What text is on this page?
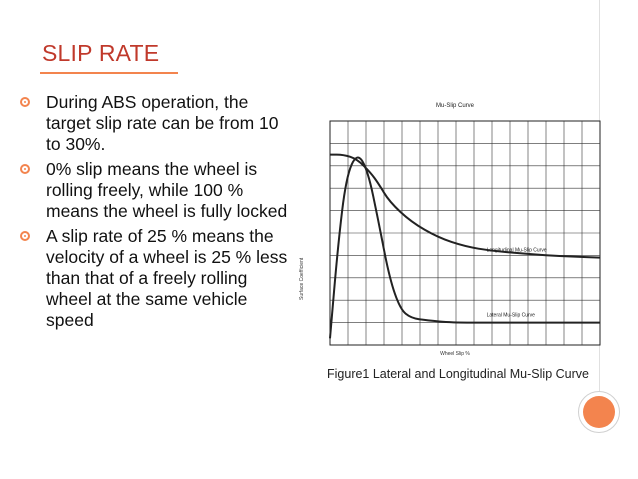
SLIP RATE
During ABS operation, the target slip rate can be from 10 to 30%.
0% slip means the wheel is rolling freely, while 100 % means the wheel is fully locked
A slip rate of 25 % means the velocity of a wheel is 25 % less than that of a freely rolling wheel at the same vehicle speed
Mu-Slip Curve
Surface Coefficient
Longitudinal Mu-Slip Curve
Lateral Mu-Slip Curve
Wheel Slip %
Figure1 Lateral and Longitudinal Mu-Slip Curve
